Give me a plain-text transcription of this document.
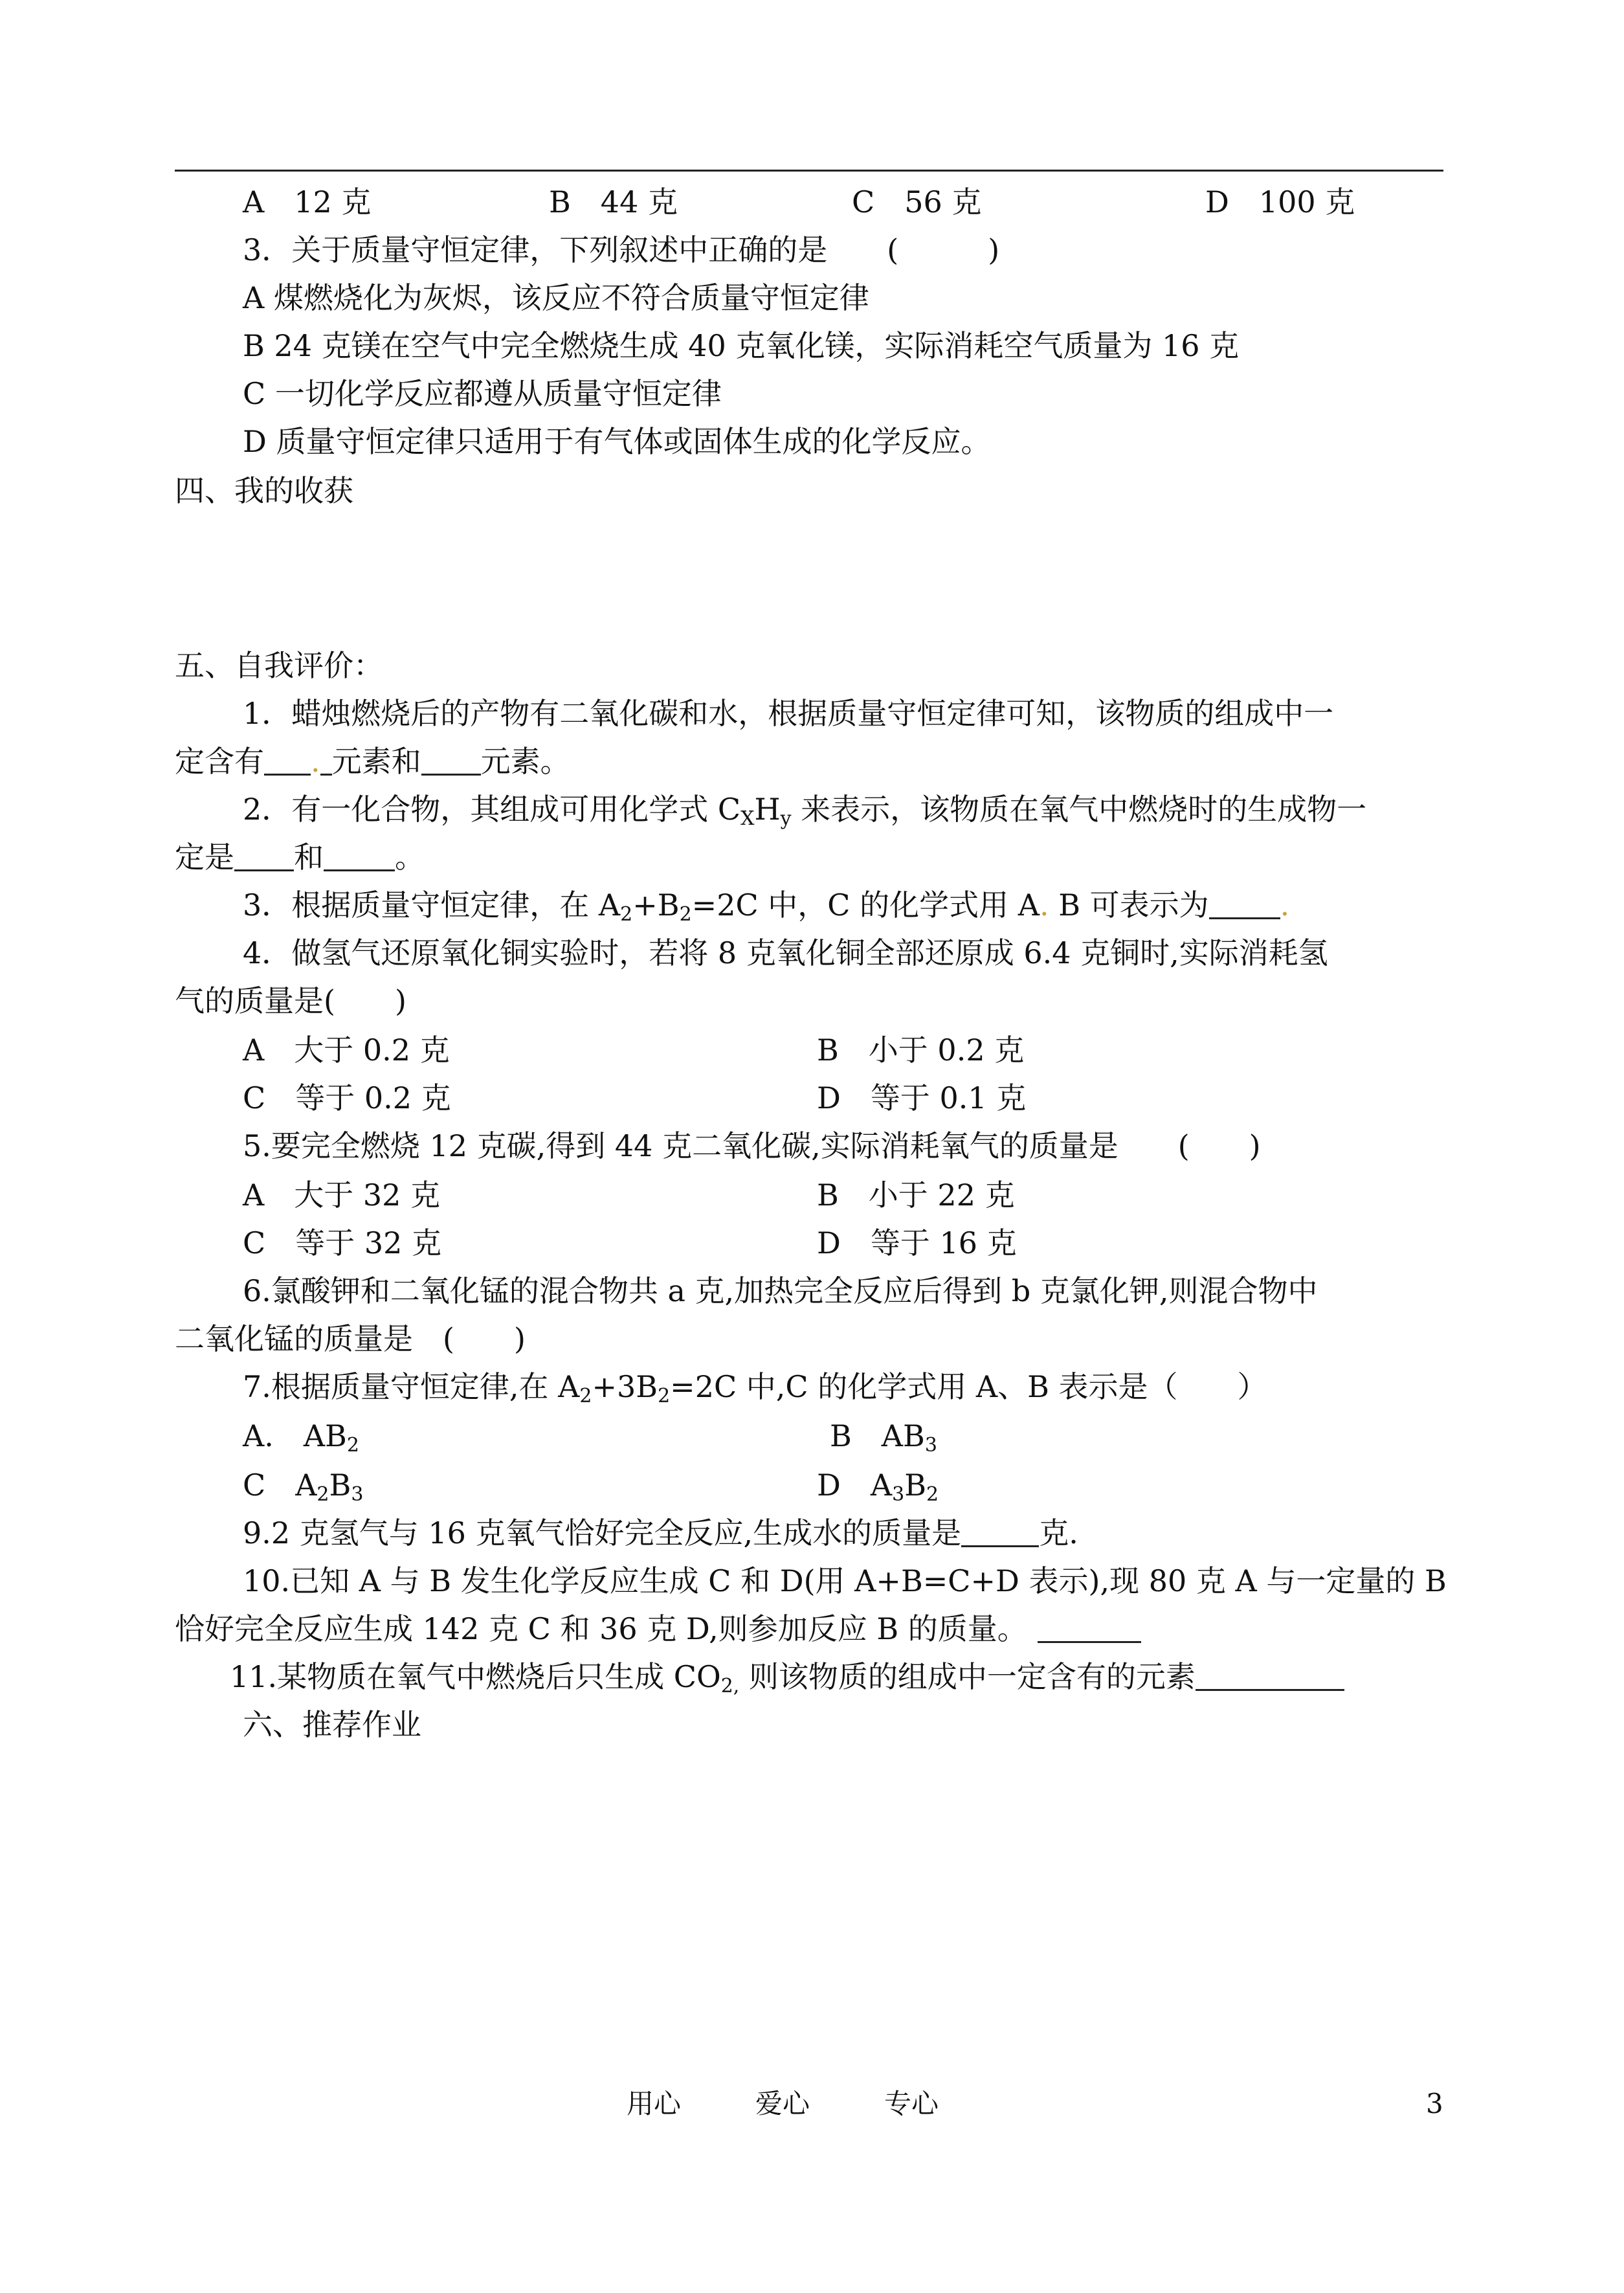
A　12 克	B　44 克	C　56 克	D　100 克
3．关于质量守恒定律，下列叙述中正确的是　　(　　　)
A 煤燃烧化为灰烬，该反应不符合质量守恒定律
B 24 克镁在空气中完全燃烧生成 40 克氧化镁，实际消耗空气质量为 16 克
C 一切化学反应都遵从质量守恒定律
D 质量守恒定律只适用于有气体或固体生成的化学反应。
四、我的收获
五、自我评价：
1．蜡烛燃烧后的产物有二氧化碳和水，根据质量守恒定律可知，该物质的组成中一
定含有 . 元素和 元素。
2．有一化合物，其组成可用化学式 $C_XH_y$ 来表示，该物质在氧气中燃烧时的生成物一
定是 和 。
3．根据质量守恒定律，在 $A_2+B_2=2C$ 中，C 的化学式用 A. B 可表示为 .
4．做氢气还原氧化铜实验时，若将 8 克氧化铜全部还原成 6.4 克铜时,实际消耗氢
气的质量是(　　)
A　大于 0.2 克	B　小于 0.2 克
C　等于 0.2 克	D　等于 0.1 克
5.要完全燃烧 12 克碳,得到 44 克二氧化碳,实际消耗氧气的质量是　　(　　)
A　大于 32 克	B　小于 22 克
C　等于 32 克	D　等于 16 克
6.氯酸钾和二氧化锰的混合物共 a 克,加热完全反应后得到 b 克氯化钾,则混合物中
二氧化锰的质量是　(　　)
7.根据质量守恒定律,在 $A_2+3B_2=2C$ 中,C 的化学式用 A、B 表示是（　　）
A.　$AB_2$	B　$AB_3$
C　$A_2B_3$	D　$A_3B_2$
9.2 克氢气与 16 克氧气恰好完全反应,生成水的质量是	克.
10.已知 A 与 B 发生化学反应生成 C 和 D(用 A+B=C+D 表示),现 80 克 A 与一定量的 B
恰好完全反应生成 142 克 C 和 36 克 D,则参加反应 B 的质量。
11.某物质在氧气中燃烧后只生成 $CO_{2,}$ 则该物质的组成中一定含有的元素
六、推荐作业
用心	爱心	专心	3
